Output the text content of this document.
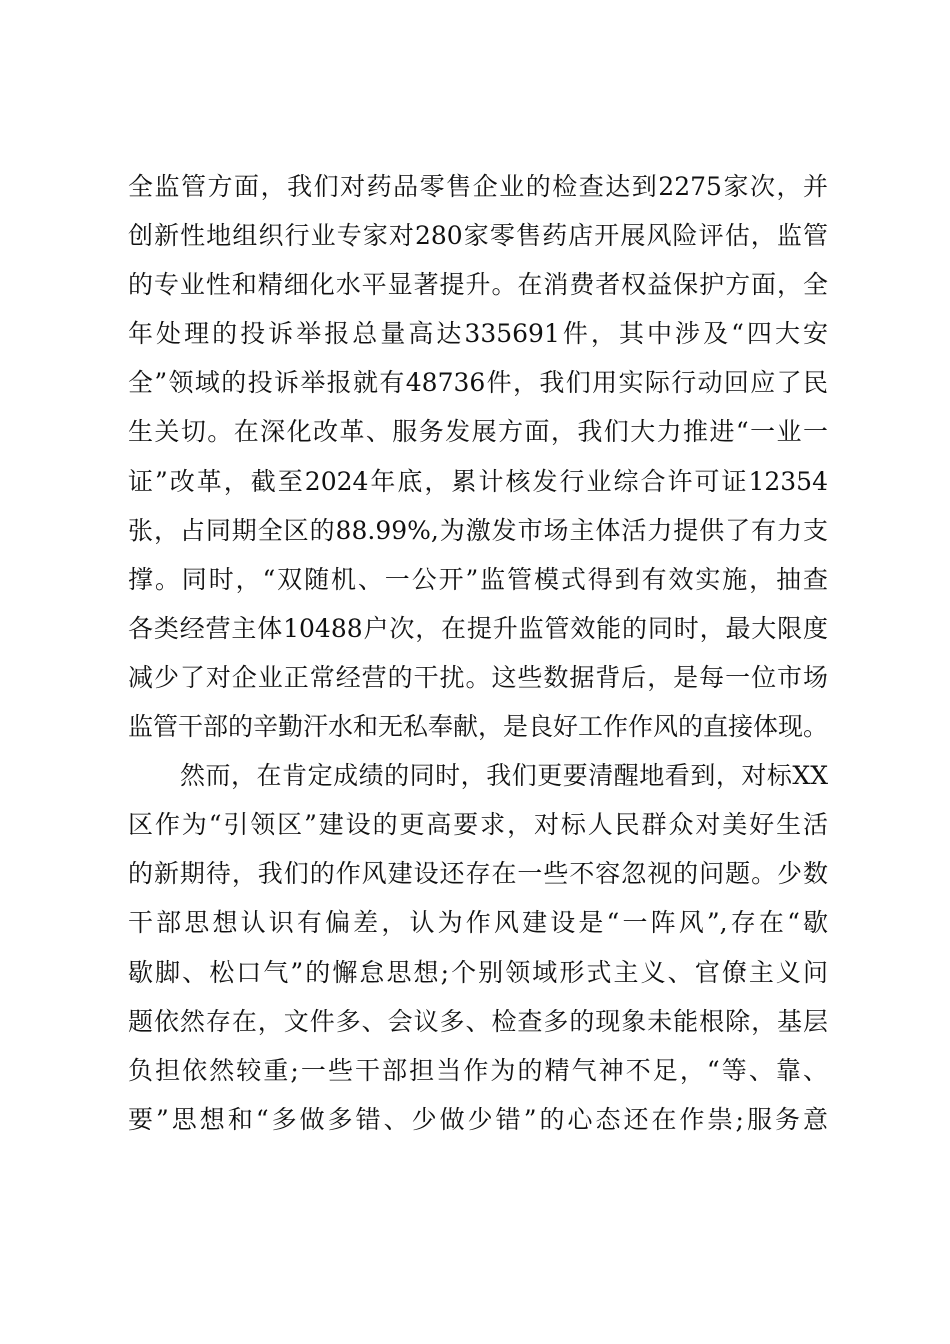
全监管方面，我们对药品零售企业的检查达到2275家次，并
创新性地组织行业专家对280家零售药店开展风险评估，监管
的专业性和精细化水平显著提升。在消费者权益保护方面，全
年处理的投诉举报总量高达335691件，其中涉及“四大安
全”领域的投诉举报就有48736件，我们用实际行动回应了民
生关切。在深化改革、服务发展方面，我们大力推进“一业一
证”改革，截至2024年底，累计核发行业综合许可证12354
张，占同期全区的88.99%,为激发市场主体活力提供了有力支
撑。同时，“双随机、一公开”监管模式得到有效实施，抽查
各类经营主体10488户次，在提升监管效能的同时，最大限度
减少了对企业正常经营的干扰。这些数据背后，是每一位市场
监管干部的辛勤汗水和无私奉献，是良好工作作风的直接体现。
然而，在肯定成绩的同时，我们更要清醒地看到，对标XX
区作为“引领区”建设的更高要求，对标人民群众对美好生活
的新期待，我们的作风建设还存在一些不容忽视的问题。少数
干部思想认识有偏差，认为作风建设是“一阵风”,存在“歇
歇脚、松口气”的懈怠思想;个别领域形式主义、官僚主义问
题依然存在，文件多、会议多、检查多的现象未能根除，基层
负担依然较重;一些干部担当作为的精气神不足，“等、靠、
要”思想和“多做多错、少做少错”的心态还在作祟;服务意
